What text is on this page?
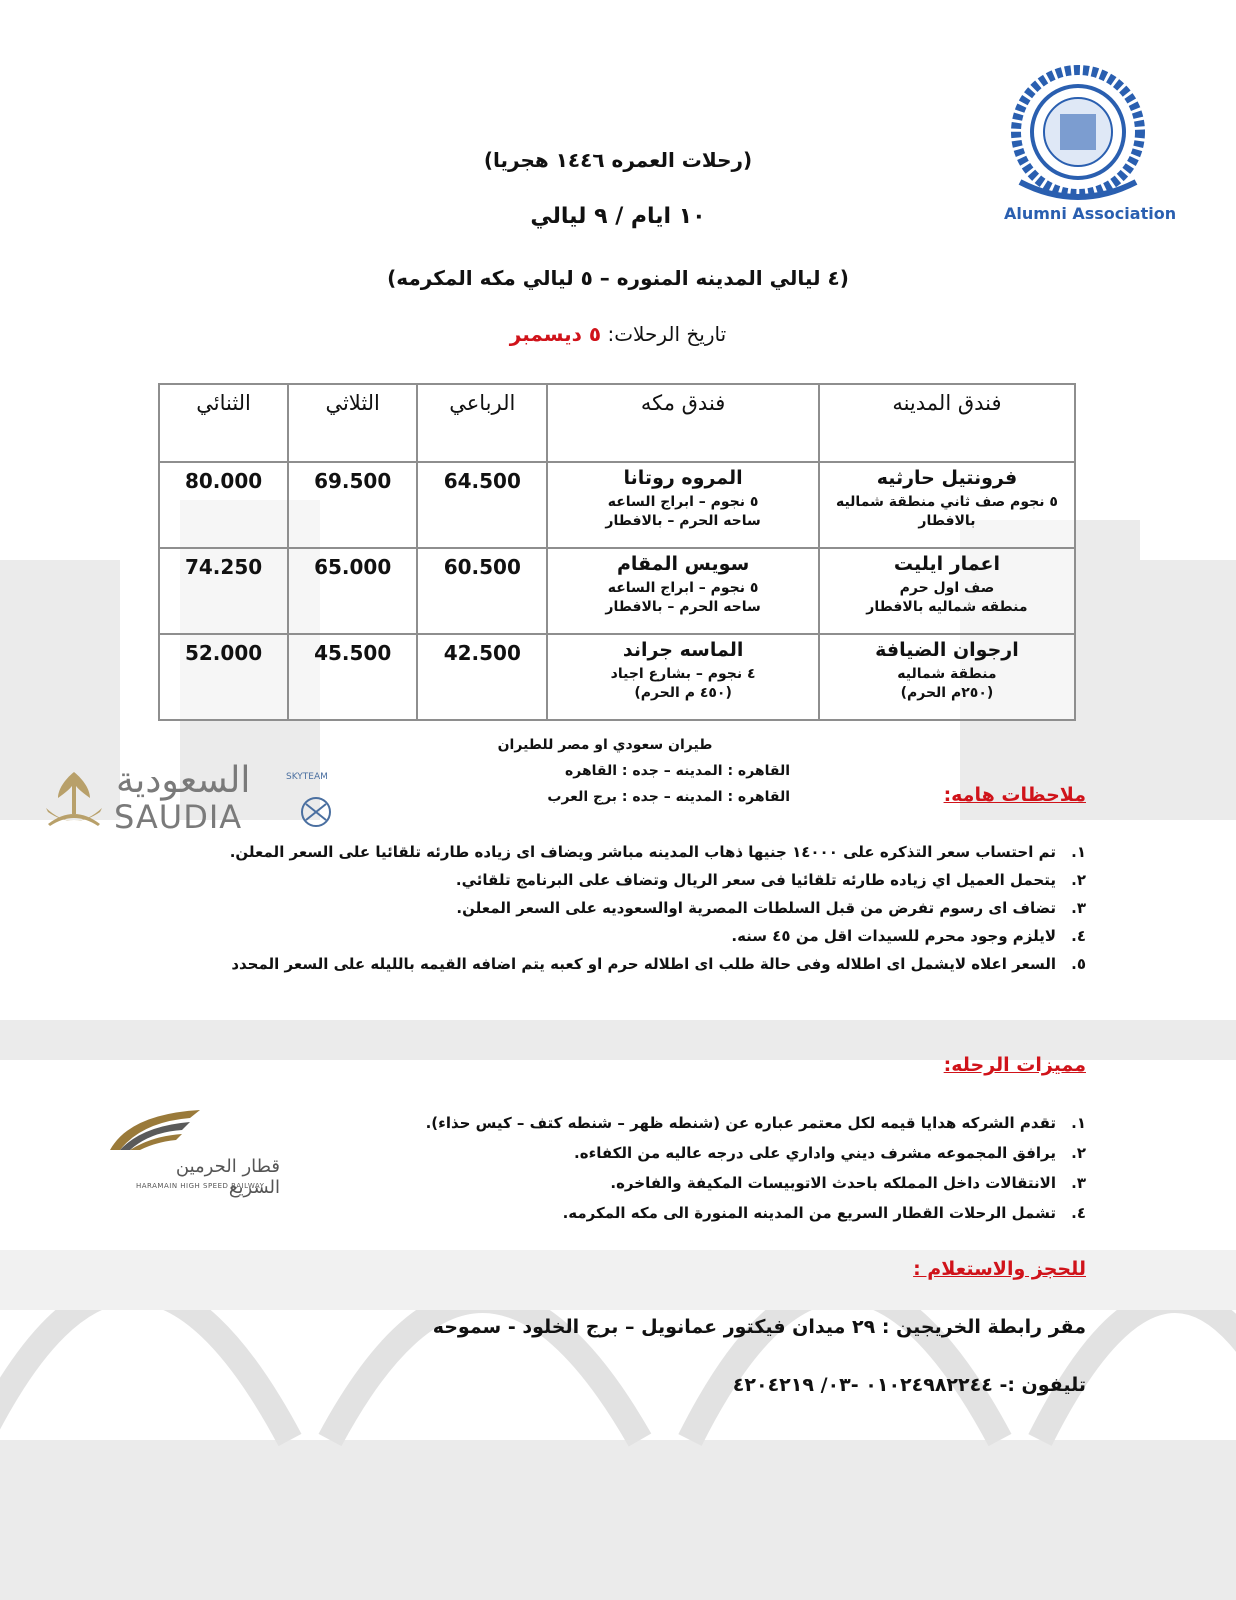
Alumni Association
(رحلات العمره ١٤٤٦ هجريا)
١٠ ايام / ٩ ليالي
(٤ ليالي المدينه المنوره – ٥ ليالي مكه المكرمه)
تاريخ الرحلات: ٥ ديسمبر
فندق المدينه	فندق مكه	الرباعي	الثلاثي	الثنائي

فرونتيل حارثيه
٥ نجوم صف ثاني منطقة شماليه
بالافطار	المروه روتانا
٥ نجوم – ابراج الساعه
ساحه الحرم – بالافطار	64.500	69.500	80.000

اعمار ايليت
صف اول حرم
منطقه شماليه بالافطار	سويس المقام
٥ نجوم – ابراج الساعه
ساحه الحرم – بالافطار	60.500	65.000	74.250

ارجوان الضيافة
منطقة شماليه
(٢٥٠م الحرم)	الماسه جراند
٤ نجوم – بشارع اجياد
(٤٥٠ م الحرم)	42.500	45.500	52.000
طيران سعودي او مصر للطيران
القاهره : المدينه – جده : القاهره
القاهره : المدينه – جده : برج العرب
السعودية
SAUDIA
SKYTEAM
ملاحظات هامه:
١.
تم احتساب سعر التذكره على ١٤٠٠٠ جنيها ذهاب المدينه مباشر ويضاف اى زياده طارئه تلقائيا على السعر المعلن.
٢.
يتحمل العميل اي زياده طارئه تلقائيا فى سعر الريال وتضاف على البرنامج تلقائي.
٣.
تضاف اى رسوم تفرض من قبل السلطات المصرية اوالسعوديه على السعر المعلن.
٤.
لايلزم وجود محرم للسيدات اقل من ٤٥ سنه.
٥.
السعر اعلاه لايشمل اى اطلاله وفى حالة طلب اى اطلاله حرم او كعبه يتم اضافه القيمه بالليله على السعر المحدد
مميزات الرحله:
١.
تقدم الشركه هدايا قيمه لكل معتمر عباره عن (شنطه ظهر – شنطه كتف – كيس حذاء).
٢.
يرافق المجموعه مشرف ديني واداري على درجه عاليه من الكفاءه.
٣.
الانتقالات داخل المملكه باحدث الاتوبيسات المكيفة والفاخره.
٤.
تشمل الرحلات القطار السريع من المدينه المنورة الى مكه المكرمه.
قطار الحرمين السريع
HARAMAIN HIGH SPEED RAILWAY
للحجز والاستعلام :
مقر رابطة الخريجين : ٢٩ ميدان فيكتور عمانويل – برج الخلود - سموحه
تليفون :- ٠١٠٢٤٩٨٢٢٤٤ -٠٣/ ٤٢٠٤٢١٩
